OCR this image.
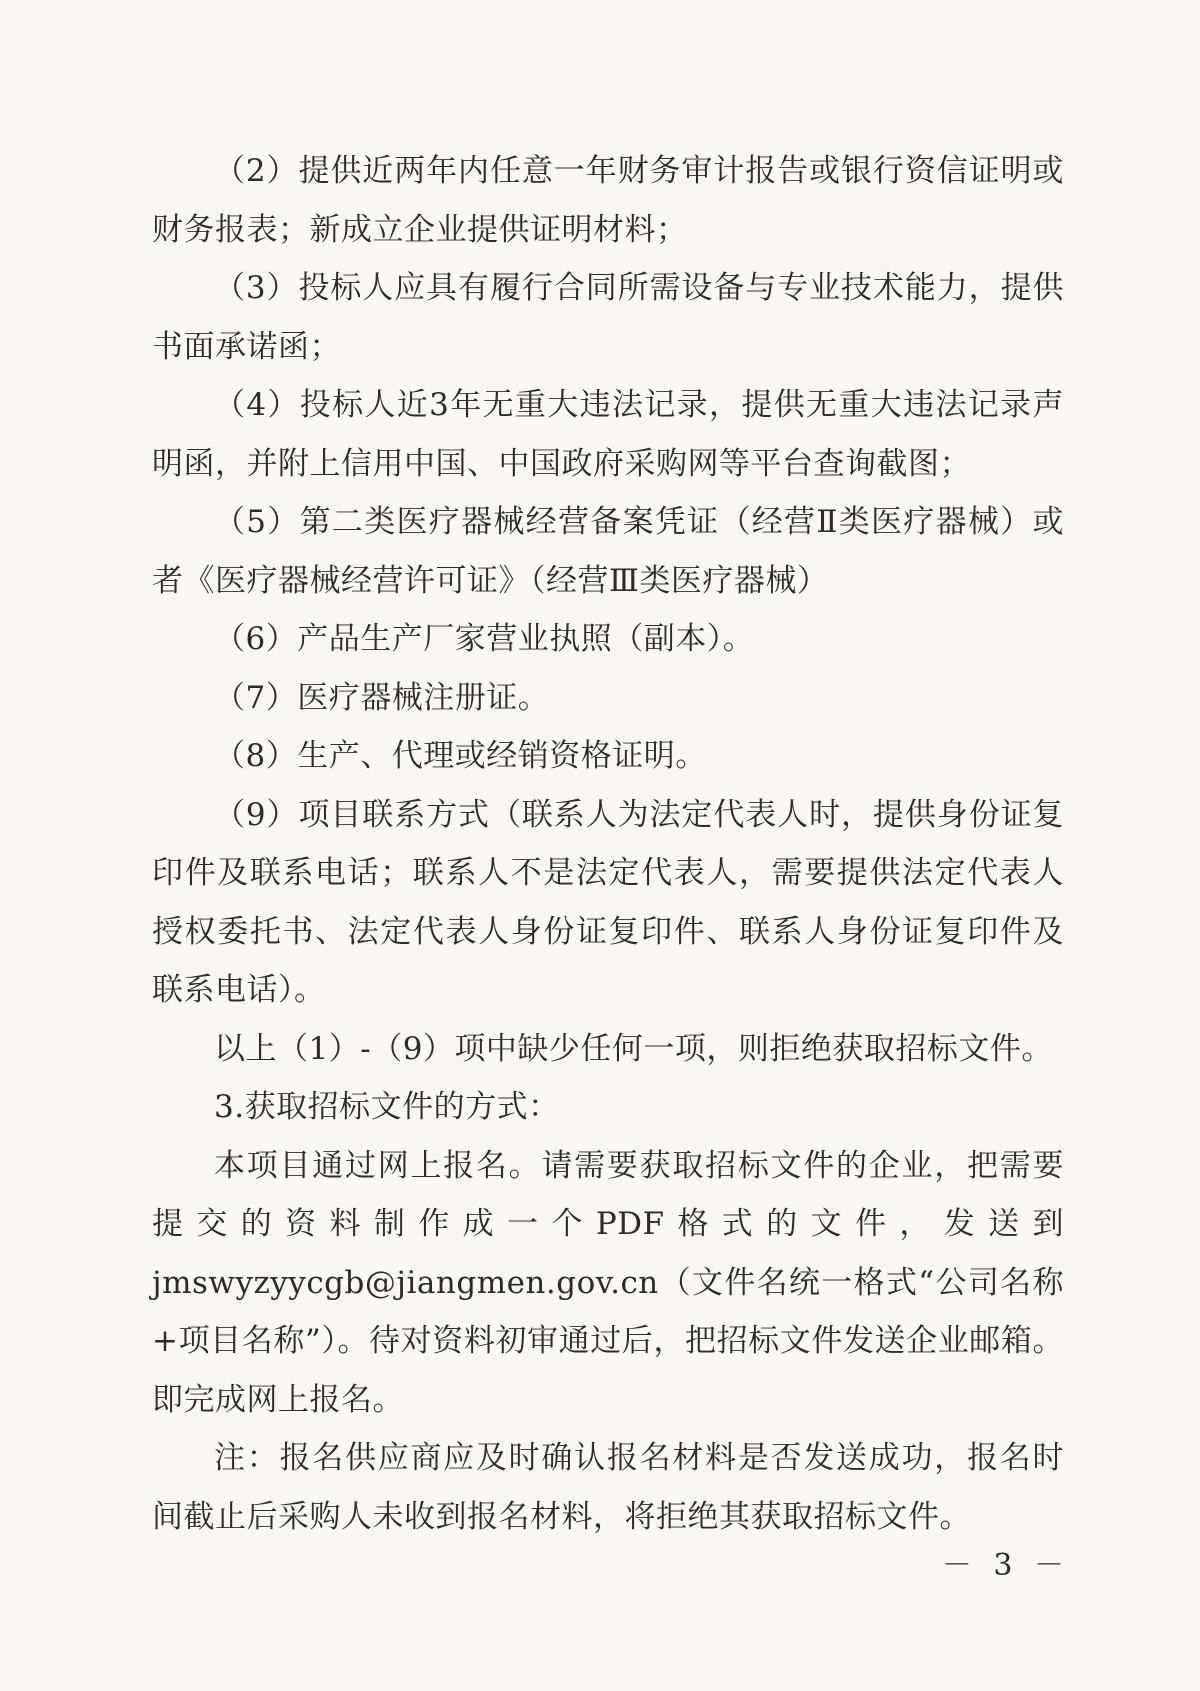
（2）提供近两年内任意一年财务审计报告或银行资信证明或财务报表；新成立企业提供证明材料；

（3）投标人应具有履行合同所需设备与专业技术能力，提供书面承诺函；

（4）投标人近3年无重大违法记录，提供无重大违法记录声明函，并附上信用中国、中国政府采购网等平台查询截图；

（5）第二类医疗器械经营备案凭证（经营Ⅱ类医疗器械）或者《医疗器械经营许可证》（经营Ⅲ类医疗器械）

（6）产品生产厂家营业执照（副本）。

（7）医疗器械注册证。

（8）生产、代理或经销资格证明。

（9）项目联系方式（联系人为法定代表人时，提供身份证复印件及联系电话；联系人不是法定代表人，需要提供法定代表人授权委托书、法定代表人身份证复印件、联系人身份证复印件及联系电话）。

以上（1）-（9）项中缺少任何一项，则拒绝获取招标文件。

3.获取招标文件的方式：

本项目通过网上报名。请需要获取招标文件的企业，把需要提交的资料制作成一个PDF格式的文件，发送到jmswyzyycgb@jiangmen.gov.cn（文件名统一格式“公司名称+项目名称”）。待对资料初审通过后，把招标文件发送企业邮箱。即完成网上报名。

注：报名供应商应及时确认报名材料是否发送成功，报名时间截止后采购人未收到报名材料，将拒绝其获取招标文件。

－ 3 －
